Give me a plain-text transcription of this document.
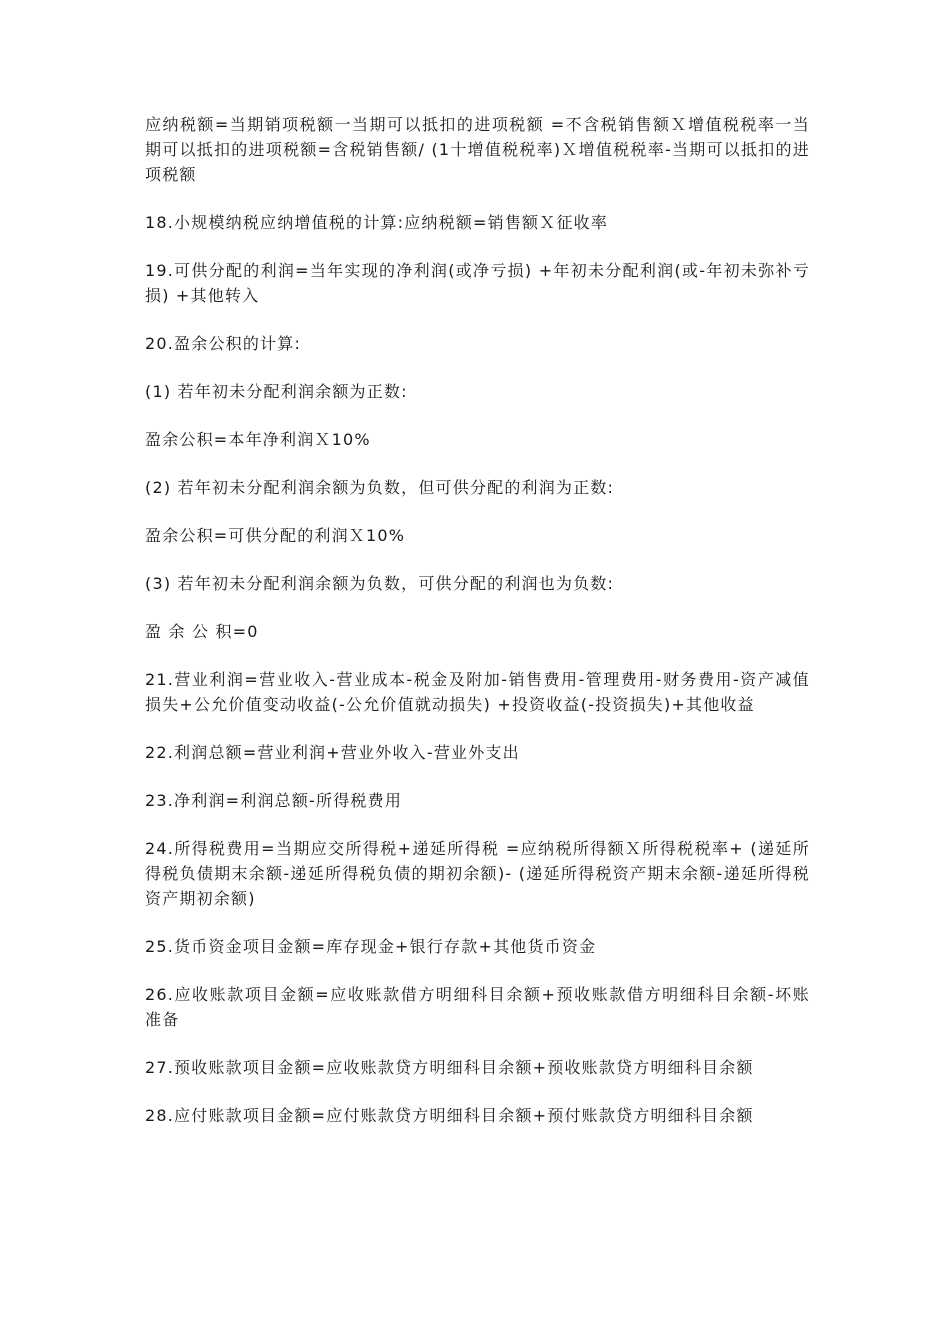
应纳税额=当期销项税额一当期可以抵扣的进项税额 =不含税销售额Ｘ增值税税率一当期可以抵扣的进项税额=含税销售额/ (1十增值税税率)Ｘ增值税税率-当期可以抵扣的进项税额

18.小规模纳税应纳增值税的计算:应纳税额=销售额Ｘ征收率

19.可供分配的利润=当年实现的净利润(或净亏损) +年初未分配利润(或-年初未弥补亏损) +其他转入

20.盈余公积的计算:

(1) 若年初未分配利润余额为正数:

盈余公积=本年净利润Ｘ10%

(2) 若年初未分配利润余额为负数，但可供分配的利润为正数:

盈余公积=可供分配的利润Ｘ10%

(3) 若年初未分配利润余额为负数，可供分配的利润也为负数:

盈 余 公 积=0

21.营业利润=营业收入-营业成本-税金及附加-销售费用-管理费用-财务费用-资产减值损失+公允价值变动收益(-公允价值就动损失) +投资收益(-投资损失)+其他收益

22.利润总额=营业利润+营业外收入-营业外支出

23.净利润=利润总额-所得税费用

24.所得税费用=当期应交所得税+递延所得税 =应纳税所得额Ｘ所得税税率+ (递延所得税负债期末余额-递延所得税负债的期初余额)- (递延所得税资产期末余额-递延所得税资产期初余额)

25.货币资金项目金额=库存现金+银行存款+其他货币资金

26.应收账款项目金额=应收账款借方明细科目余额+预收账款借方明细科目余额-坏账准备

27.预收账款项目金额=应收账款贷方明细科目余额+预收账款贷方明细科目余额

28.应付账款项目金额=应付账款贷方明细科目余额+预付账款贷方明细科目余额
